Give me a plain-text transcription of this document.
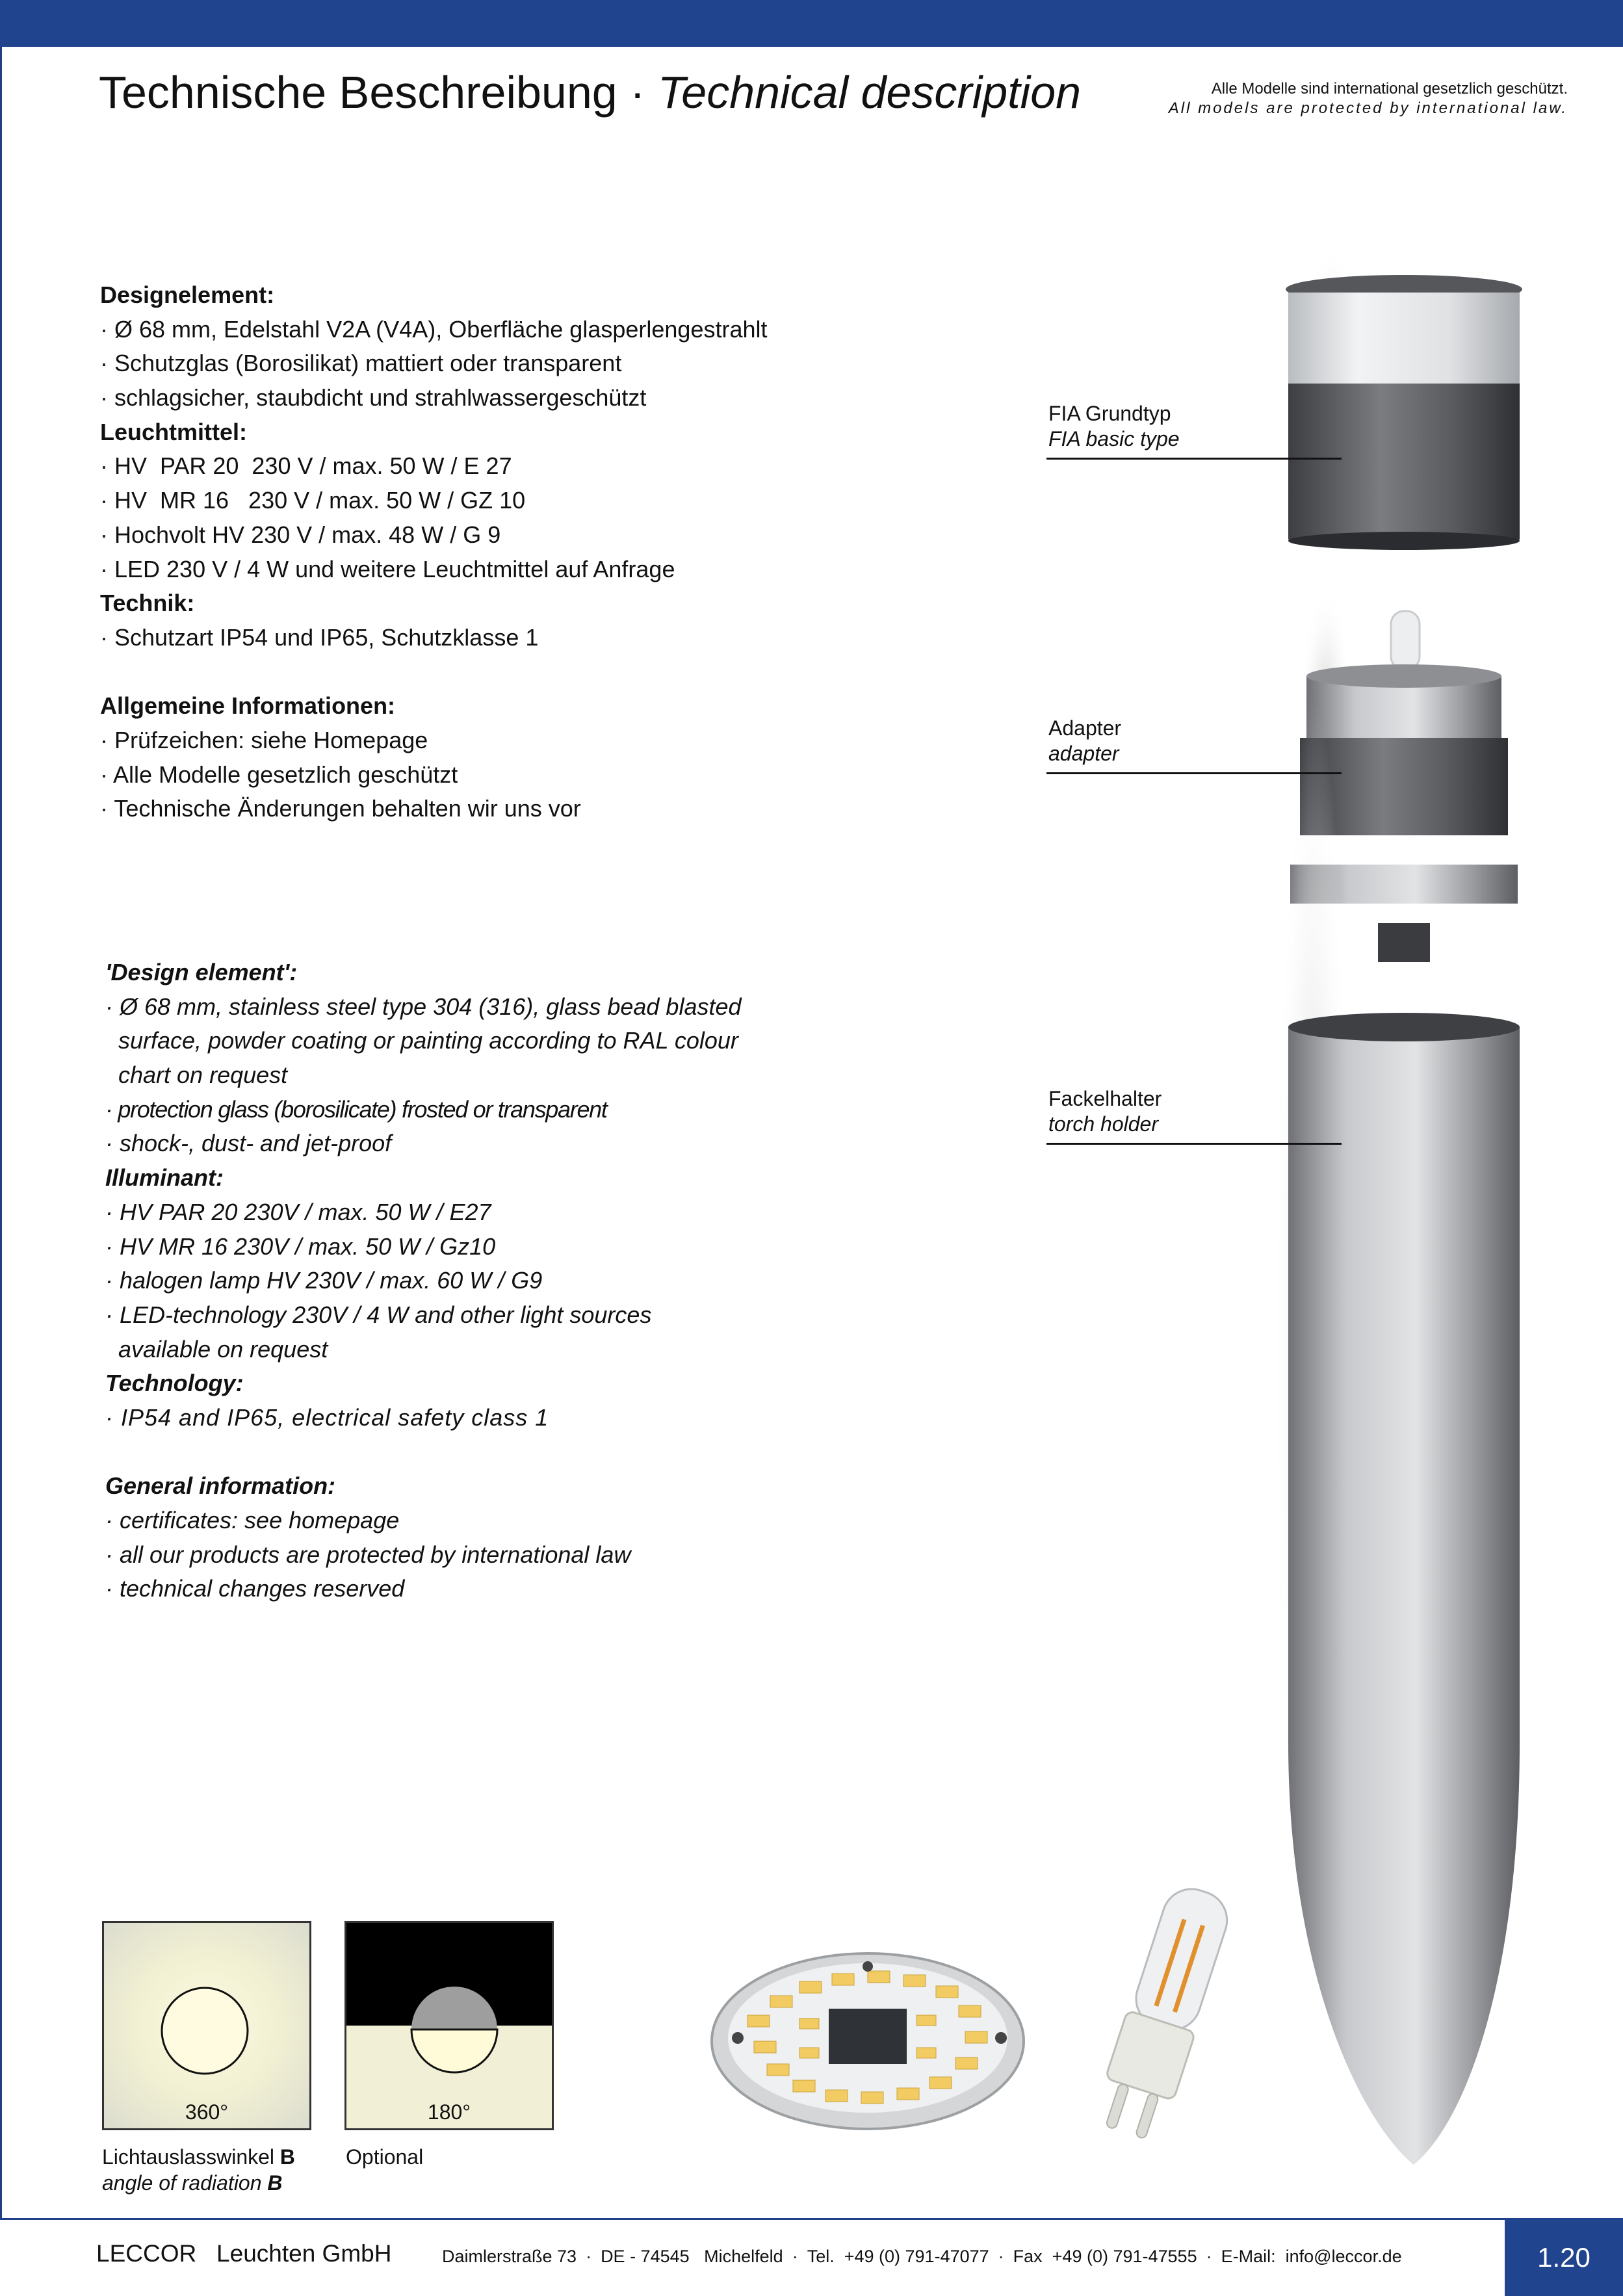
Technische Beschreibung · Technical description	Alle Modelle sind international gesetzlich geschützt.
All models are protected by international law.
Designelement:
· Ø 68 mm, Edelstahl V2A (V4A), Oberfläche glasperlengestrahlt
· Schutzglas (Borosilikat) mattiert oder transparent
· schlagsicher, staubdicht und strahlwassergeschützt
Leuchtmittel:
· HV  PAR 20  230 V / max. 50 W / E 27
· HV  MR 16   230 V / max. 50 W / GZ 10
· Hochvolt HV 230 V / max. 48 W / G 9
· LED 230 V / 4 W und weitere Leuchtmittel auf Anfrage
Technik:
· Schutzart IP54 und IP65, Schutzklasse 1
Allgemeine Informationen:
· Prüfzeichen: siehe Homepage
· Alle Modelle gesetzlich geschützt
· Technische Änderungen behalten wir uns vor
'Design element':
· Ø 68 mm, stainless steel type 304 (316), glass bead blasted
surface, powder coating or painting according to RAL colour
chart on request
· protection glass (borosilicate) frosted or transparent
· shock-, dust- and jet-proof
Illuminant:
· HV PAR 20 230V / max. 50 W / E27
· HV MR 16 230V / max. 50 W / Gz10
· halogen lamp HV 230V / max. 60 W / G9
· LED-technology 230V / 4 W and other light sources
available on request
Technology:
· IP54 and IP65, electrical safety class 1
General information:
· certificates: see homepage
· all our products are protected by international law
· technical changes reserved
FIA Grundtyp
FIA basic type
Adapter
adapter
Fackelhalter
torch holder
360°	180°
Lichtauslasswinkel B
angle of radiation B
Optional
LECCOR   Leuchten GmbH	Daimlerstraße 73 · DE - 74545   Michelfeld · Tel.  +49 (0) 791-47077 · Fax  +49 (0) 791-47555 · E-Mail:  info@leccor.de	1.20
